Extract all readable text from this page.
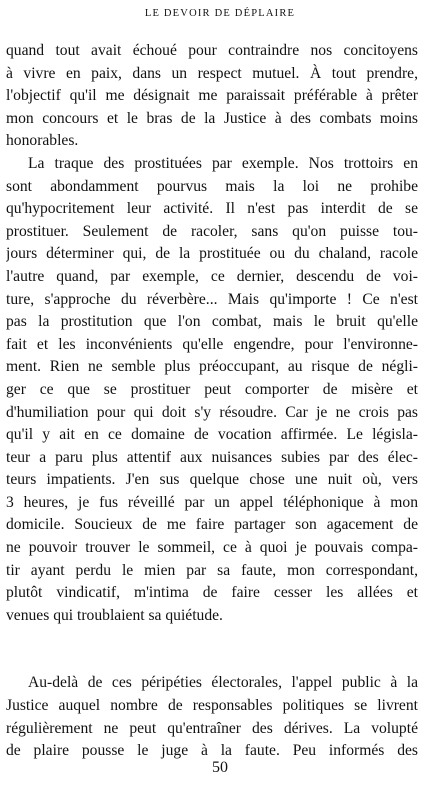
LE DEVOIR DE DÉPLAIRE
quand tout avait échoué pour contraindre nos concitoyens
à vivre en paix, dans un respect mutuel. À tout prendre,
l'objectif qu'il me désignait me paraissait préférable à prêter
mon concours et le bras de la Justice à des combats moins
honorables.
La traque des prostituées par exemple. Nos trottoirs en
sont abondamment pourvus mais la loi ne prohibe
qu'hypocritement leur activité. Il n'est pas interdit de se
prostituer. Seulement de racoler, sans qu'on puisse tou-
jours déterminer qui, de la prostituée ou du chaland, racole
l'autre quand, par exemple, ce dernier, descendu de voi-
ture, s'approche du réverbère... Mais qu'importe ! Ce n'est
pas la prostitution que l'on combat, mais le bruit qu'elle
fait et les inconvénients qu'elle engendre, pour l'environne-
ment. Rien ne semble plus préoccupant, au risque de négli-
ger ce que se prostituer peut comporter de misère et
d'humiliation pour qui doit s'y résoudre. Car je ne crois pas
qu'il y ait en ce domaine de vocation affirmée. Le législa-
teur a paru plus attentif aux nuisances subies par des élec-
teurs impatients. J'en sus quelque chose une nuit où, vers
3 heures, je fus réveillé par un appel téléphonique à mon
domicile. Soucieux de me faire partager son agacement de
ne pouvoir trouver le sommeil, ce à quoi je pouvais compa-
tir ayant perdu le mien par sa faute, mon correspondant,
plutôt vindicatif, m'intima de faire cesser les allées et
venues qui troublaient sa quiétude.
Au-delà de ces péripéties électorales, l'appel public à la
Justice auquel nombre de responsables politiques se livrent
régulièrement ne peut qu'entraîner des dérives. La volupté
de plaire pousse le juge à la faute. Peu informés des
50
